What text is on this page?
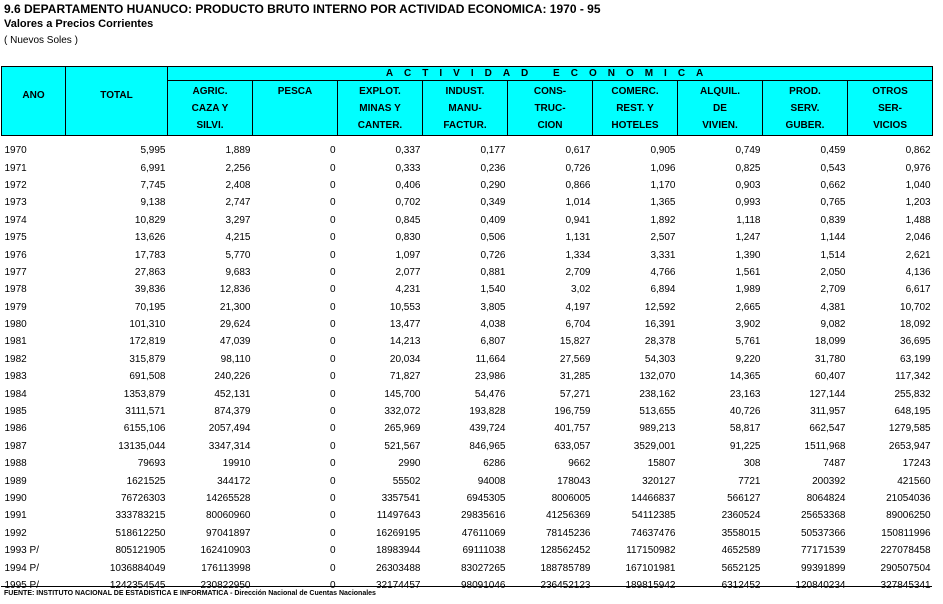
9.6 DEPARTAMENTO HUANUCO: PRODUCTO BRUTO INTERNO POR ACTIVIDAD ECONOMICA: 1970 - 95
Valores a Precios Corrientes
( Nuevos Soles )
ANO	TOTAL	ACTIVIDAD ECONOMICA								

		AGRIC.
CAZA Y
SILVI.	PESCA	EXPLOT.
MINAS Y
CANTER.	INDUST.
MANU-
FACTUR.	CONS-
TRUC-
CION	COMERC.
REST. Y
HOTELES	ALQUIL.
DE
VIVIEN.	PROD.
SERV.
GUBER.	OTROS
SER-
VICIOS

1970	5,995	1,889	0	0,337	0,177	0,617	0,905	0,749	0,459	0,862
1971	6,991	2,256	0	0,333	0,236	0,726	1,096	0,825	0,543	0,976
1972	7,745	2,408	0	0,406	0,290	0,866	1,170	0,903	0,662	1,040
1973	9,138	2,747	0	0,702	0,349	1,014	1,365	0,993	0,765	1,203
1974	10,829	3,297	0	0,845	0,409	0,941	1,892	1,118	0,839	1,488
1975	13,626	4,215	0	0,830	0,506	1,131	2,507	1,247	1,144	2,046
1976	17,783	5,770	0	1,097	0,726	1,334	3,331	1,390	1,514	2,621
1977	27,863	9,683	0	2,077	0,881	2,709	4,766	1,561	2,050	4,136
1978	39,836	12,836	0	4,231	1,540	3,02	6,894	1,989	2,709	6,617
1979	70,195	21,300	0	10,553	3,805	4,197	12,592	2,665	4,381	10,702
1980	101,310	29,624	0	13,477	4,038	6,704	16,391	3,902	9,082	18,092
1981	172,819	47,039	0	14,213	6,807	15,827	28,378	5,761	18,099	36,695
1982	315,879	98,110	0	20,034	11,664	27,569	54,303	9,220	31,780	63,199
1983	691,508	240,226	0	71,827	23,986	31,285	132,070	14,365	60,407	117,342
1984	1353,879	452,131	0	145,700	54,476	57,271	238,162	23,163	127,144	255,832
1985	3111,571	874,379	0	332,072	193,828	196,759	513,655	40,726	311,957	648,195
1986	6155,106	2057,494	0	265,969	439,724	401,757	989,213	58,817	662,547	1279,585
1987	13135,044	3347,314	0	521,567	846,965	633,057	3529,001	91,225	1511,968	2653,947
1988	79693	19910	0	2990	6286	9662	15807	308	7487	17243
1989	1621525	344172	0	55502	94008	178043	320127	7721	200392	421560
1990	76726303	14265528	0	3357541	6945305	8006005	14466837	566127	8064824	21054036
1991	333783215	80060960	0	11497643	29835616	41256369	54112385	2360524	25653368	89006250
1992	518612250	97041897	0	16269195	47611069	78145236	74637476	3558015	50537366	150811996
1993 P/	805121905	162410903	0	18983944	69111038	128562452	117150982	4652589	77171539	227078458
1994 P/	1036884049	176113998	0	26303488	83027265	188785789	167101981	5652125	99391899	290507504
1995 P/	1242354545	230822950	0	32174457	98091046	236452123	189815942	6312452	120840234	327845341
FUENTE: INSTITUTO NACIONAL DE ESTADISTICA E INFORMATICA - Dirección Nacional de Cuentas Nacionales
